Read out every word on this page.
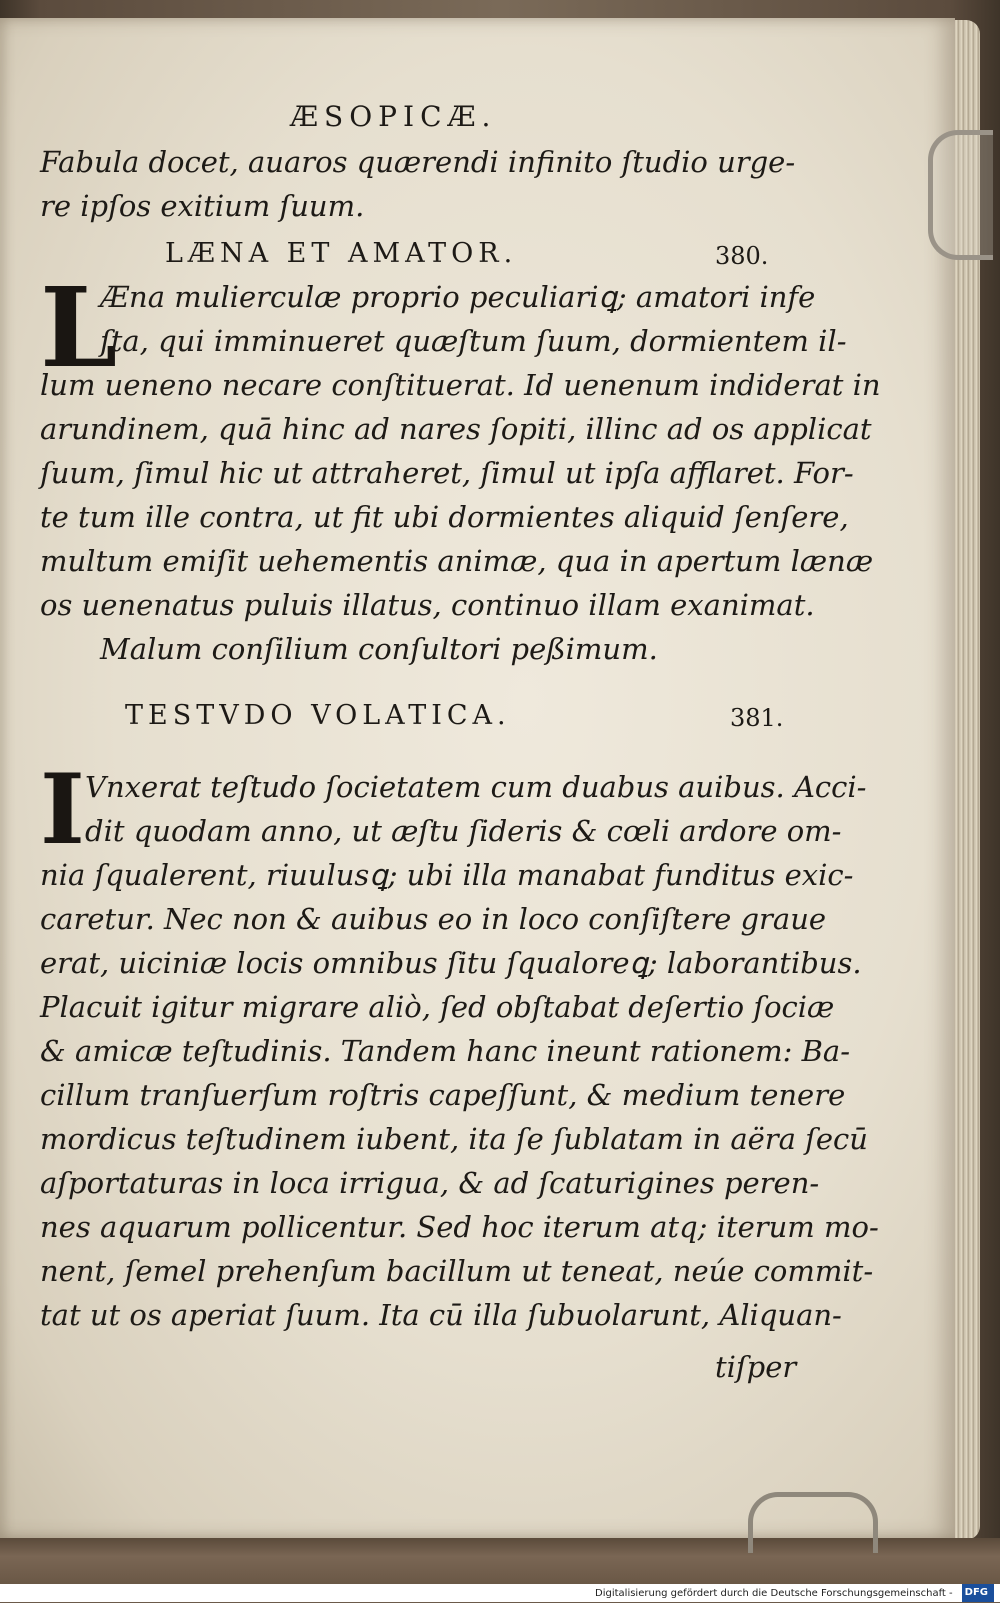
ÆSOPICÆ.
Fabula docet, auaros quærendi infinito ſtudio urge-
re ipſos exitium ſuum.
LÆNA ET AMATOR.	380.
L
Æna mulierculæ proprio peculiariꝗ; amatori infe
ſta, qui imminueret quæſtum ſuum, dormientem il-
lum ueneno necare conſtituerat. Id uenenum indiderat in
arundinem, quā hinc ad nares ſopiti, illinc ad os applicat
ſuum, ſimul hic ut attraheret, ſimul ut ipſa afflaret. For-
te tum ille contra, ut fit ubi dormientes aliquid ſenſere,
multum emiſit uehementis animæ, qua in apertum lænæ
os uenenatus puluis illatus, continuo illam exanimat.
Malum conſilium conſultori peßimum.
TESTVDO VOLATICA.	381.
I Vnxerat teſtudo ſocietatem cum duabus auibus. Acci-
dit quodam anno, ut æſtu ſideris & cœli ardore om-
nia ſqualerent, riuulusꝗ; ubi illa manabat funditus exic-
caretur. Nec non & auibus eo in loco conſiſtere graue
erat, uiciniæ locis omnibus ſitu ſqualoreꝗ; laborantibus.
Placuit igitur migrare aliò, ſed obſtabat deſertio ſociæ
& amicæ teſtudinis. Tandem hanc ineunt rationem: Ba-
cillum tranſuerſum roſtris capeſſunt, & medium tenere
mordicus teſtudinem iubent, ita ſe ſublatam in aëra ſecū
aſportaturas in loca irrigua, & ad ſcaturigines peren-
nes aquarum pollicentur. Sed hoc iterum atq; iterum mo-
nent, ſemel prehenſum bacillum ut teneat, neúe commit-
tat ut os aperiat ſuum. Ita cū illa ſubuolarunt, Aliquan-
tiſper
Digitalisierung gefördert durch die Deutsche Forschungsgemeinschaft - DFG
